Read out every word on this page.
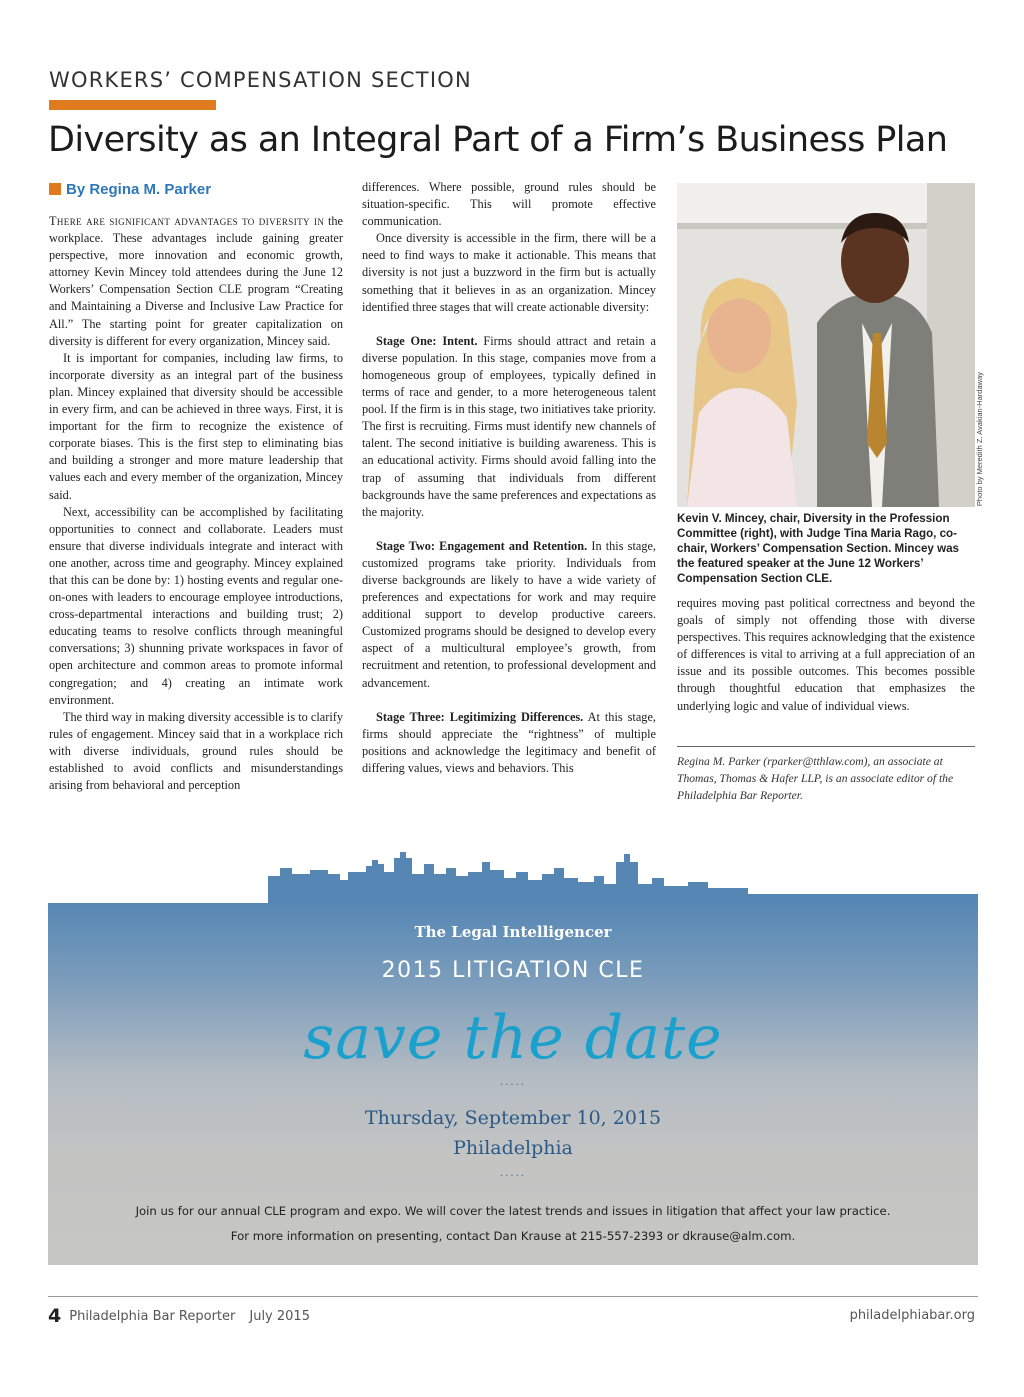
WORKERS’ COMPENSATION SECTION
Diversity as an Integral Part of a Firm’s Business Plan
By Regina M. Parker

There are significant advantages to diversity in the workplace. These advantages include gaining greater perspective, more innovation and economic growth, attorney Kevin Mincey told attendees during the June 12 Workers’ Compensation Section CLE program “Creating and Maintaining a Diverse and Inclusive Law Practice for All.” The starting point for greater capitalization on diversity is different for every organization, Mincey said.

It is important for companies, including law firms, to incorporate diversity as an integral part of the business plan. Mincey explained that diversity should be accessible in every firm, and can be achieved in three ways. First, it is important for the firm to recognize the existence of corporate biases. This is the first step to eliminating bias and building a stronger and more mature leadership that values each and every member of the organization, Mincey said.

Next, accessibility can be accomplished by facilitating opportunities to connect and collaborate. Leaders must ensure that diverse individuals integrate and interact with one another, across time and geography. Mincey explained that this can be done by: 1) hosting events and regular one-on-ones with leaders to encourage employee introductions, cross-departmental interactions and building trust; 2) educating teams to resolve conflicts through meaningful conversations; 3) shunning private workspaces in favor of open architecture and common areas to promote informal congregation; and 4) creating an intimate work environment.

The third way in making diversity accessible is to clarify rules of engagement. Mincey said that in a workplace rich with diverse individuals, ground rules should be established to avoid conflicts and misunderstandings arising from behavioral and perception

differences. Where possible, ground rules should be situation-specific. This will promote effective communication.

Once diversity is accessible in the firm, there will be a need to find ways to make it actionable. This means that diversity is not just a buzzword in the firm but is actually something that it believes in as an organization. Mincey identified three stages that will create actionable diversity:

Stage One: Intent. Firms should attract and retain a diverse population. In this stage, companies move from a homogeneous group of employees, typically defined in terms of race and gender, to a more heterogeneous talent pool. If the firm is in this stage, two initiatives take priority. The first is recruiting. Firms must identify new channels of talent. The second initiative is building awareness. This is an educational activity. Firms should avoid falling into the trap of assuming that individuals from different backgrounds have the same preferences and expectations as the majority.

Stage Two: Engagement and Retention. In this stage, customized programs take priority. Individuals from diverse backgrounds are likely to have a wide variety of preferences and expectations for work and may require additional support to develop productive careers. Customized programs should be designed to develop every aspect of a multicultural employee’s growth, from recruitment and retention, to professional development and advancement.

Stage Three: Legitimizing Differences. At this stage, firms should appreciate the “rightness” of multiple positions and acknowledge the legitimacy and benefit of differing values, views and behaviors. This

Photo by Meredith Z. Avakian-Hardaway
Kevin V. Mincey, chair, Diversity in the Profession Committee (right), with Judge Tina Maria Rago, co-chair, Workers’ Compensation Section. Mincey was the featured speaker at the June 12 Workers’ Compensation Section CLE.

requires moving past political correctness and beyond the goals of simply not offending those with diverse perspectives. This requires acknowledging that the existence of differences is vital to arriving at a full appreciation of an issue and its possible outcomes. This becomes possible through thoughtful education that emphasizes the underlying logic and value of individual views.

Regina M. Parker (rparker@tthlaw.com), an associate at Thomas, Thomas & Hafer LLP, is an associate editor of the Philadelphia Bar Reporter.
The Legal Intelligencer
2015 LITIGATION CLE
save the date
.....
Thursday, September 10, 2015
Philadelphia
.....
Join us for our annual CLE program and expo. We will cover the latest trends and issues in litigation that affect your law practice.
For more information on presenting, contact Dan Krause at 215-557-2393 or dkrause@alm.com.
4 Philadelphia Bar Reporter July 2015	philadelphiabar.org
